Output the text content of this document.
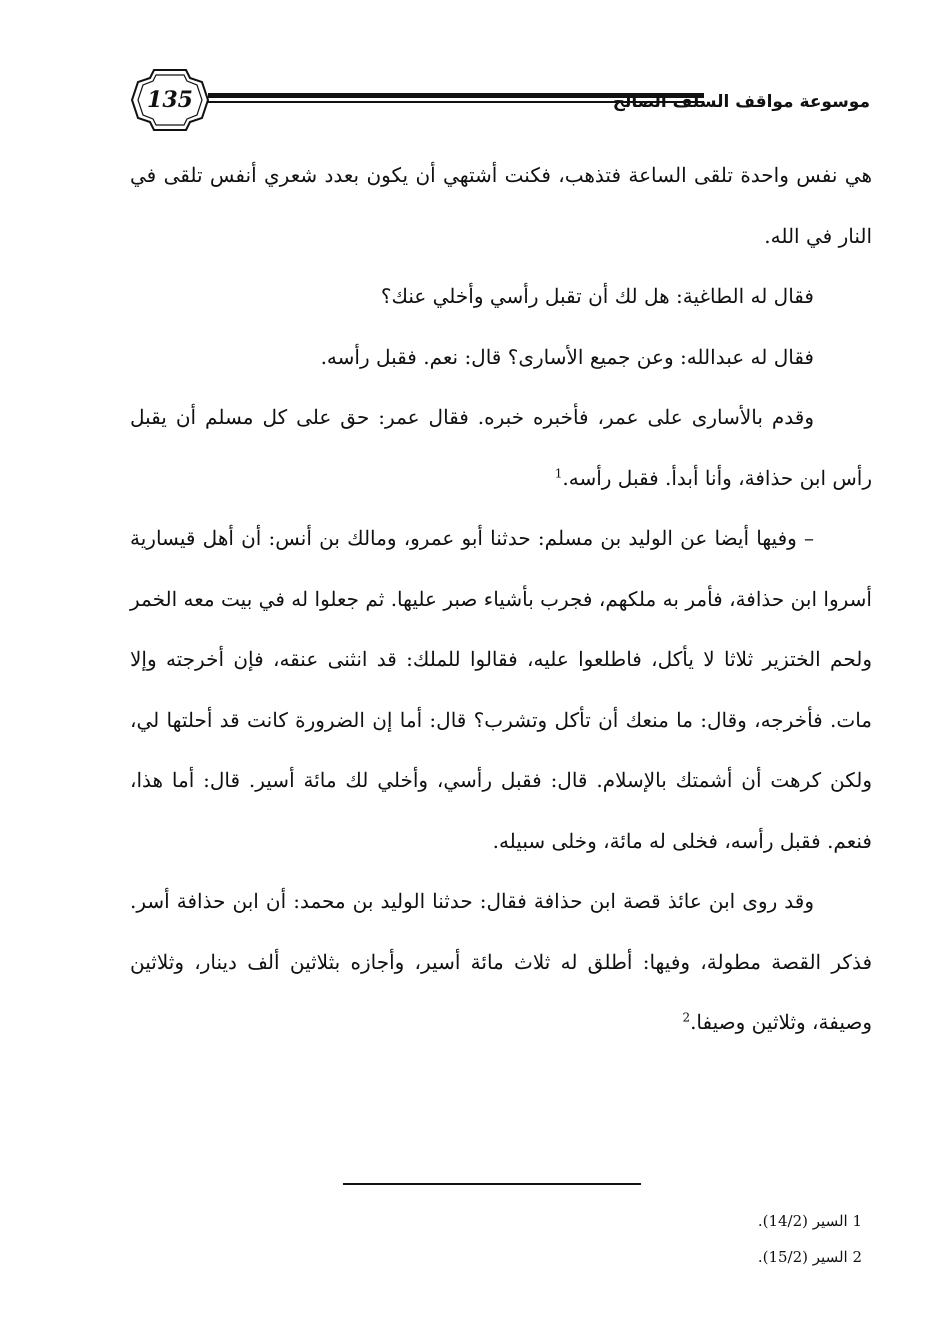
135	موسوعة مواقف السلف الصالح

هي نفس واحدة تلقى الساعة فتذهب، فكنت أشتهي أن يكون بعدد شعري أنفس تلقى في النار في الله.

فقال له الطاغية: هل لك أن تقبل رأسي وأخلي عنك؟

فقال له عبدالله: وعن جميع الأسارى؟ قال: نعم. فقبل رأسه.

وقدم بالأسارى على عمر، فأخبره خبره. فقال عمر: حق على كل مسلم أن يقبل رأس ابن حذافة، وأنا أبدأ. فقبل رأسه.$^1$

– وفيها أيضا عن الوليد بن مسلم: حدثنا أبو عمرو، ومالك بن أنس: أن أهل قيسارية أسروا ابن حذافة، فأمر به ملكهم، فجرب بأشياء صبر عليها. ثم جعلوا له في بيت معه الخمر ولحم الختزير ثلاثا لا يأكل، فاطلعوا عليه، فقالوا للملك: قد انثنى عنقه، فإن أخرجته وإلا مات. فأخرجه، وقال: ما منعك أن تأكل وتشرب؟ قال: أما إن الضرورة كانت قد أحلتها لي، ولكن كرهت أن أشمتك بالإسلام. قال: فقبل رأسي، وأخلي لك مائة أسير. قال: أما هذا، فنعم. فقبل رأسه، فخلى له مائة، وخلى سبيله.

وقد روى ابن عائذ قصة ابن حذافة فقال: حدثنا الوليد بن محمد: أن ابن حذافة أسر. فذكر القصة مطولة، وفيها: أطلق له ثلاث مائة أسير، وأجازه بثلاثين ألف دينار، وثلاثين وصيفة، وثلاثين وصيفا.$^2$

1 السير (14/2).
2 السير (15/2).
